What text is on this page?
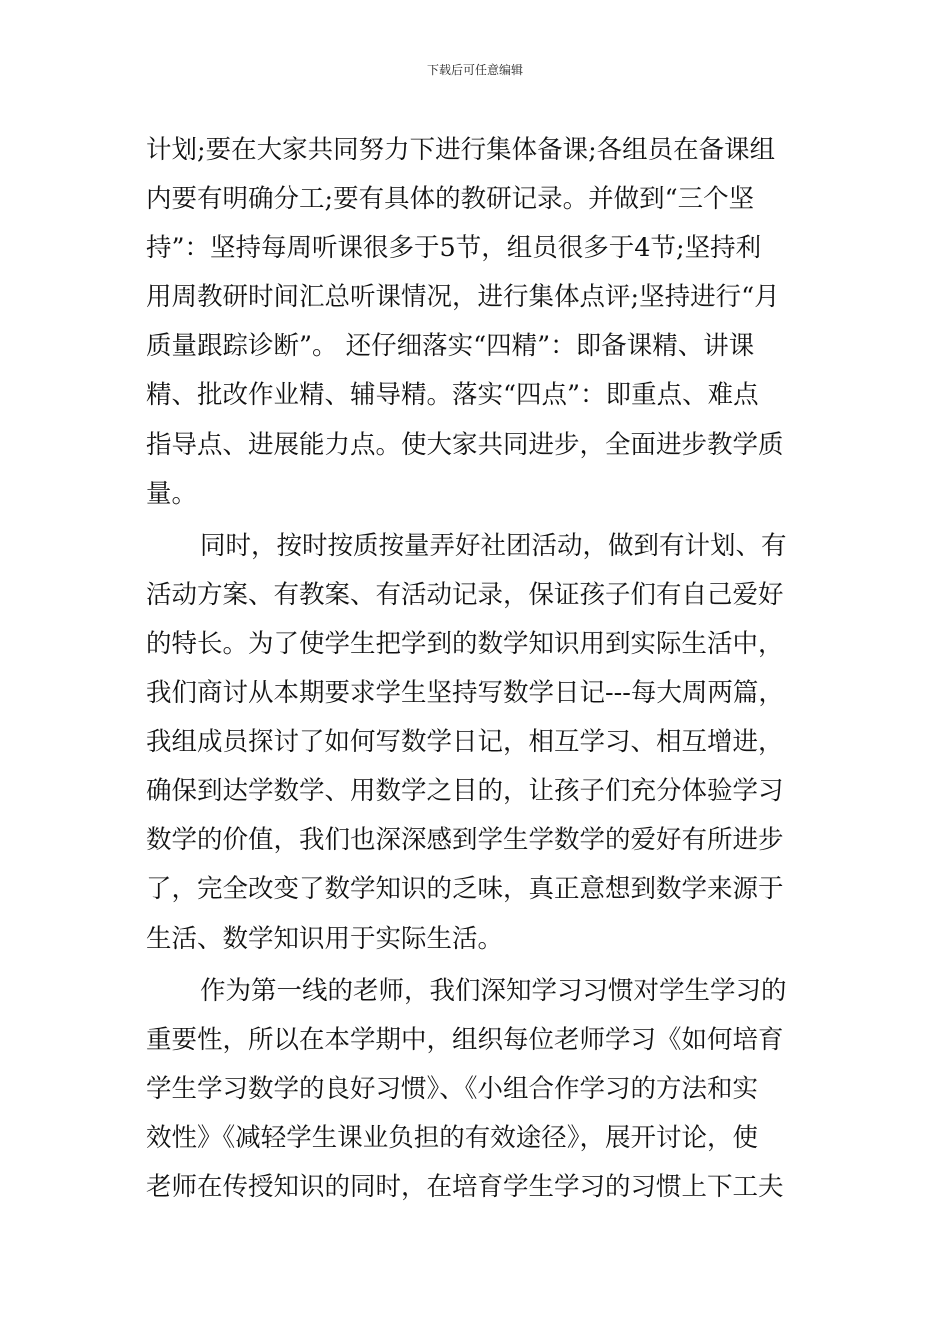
下载后可任意编辑
计划;要在大家共同努力下进行集体备课;各组员在备课组
内要有明确分工;要有具体的教研记录。并做到“三个坚
持”：坚持每周听课很多于5节，组员很多于4节;坚持利
用周教研时间汇总听课情况，进行集体点评;坚持进行“月
质量跟踪诊断”。 还仔细落实“四精”：即备课精、讲课
精、批改作业精、辅导精。落实“四点”：即重点、难点
指导点、进展能力点。使大家共同进步，全面进步教学质
量。
同时，按时按质按量弄好社团活动，做到有计划、有
活动方案、有教案、有活动记录，保证孩子们有自己爱好
的特长。为了使学生把学到的数学知识用到实际生活中，
我们商讨从本期要求学生坚持写数学日记---每大周两篇，
我组成员探讨了如何写数学日记，相互学习、相互增进，
确保到达学数学、用数学之目的，让孩子们充分体验学习
数学的价值，我们也深深感到学生学数学的爱好有所进步
了，完全改变了数学知识的乏味，真正意想到数学来源于
生活、数学知识用于实际生活。
作为第一线的老师，我们深知学习习惯对学生学习的
重要性，所以在本学期中，组织每位老师学习《如何培育
学生学习数学的良好习惯》、《小组合作学习的方法和实
效性》《减轻学生课业负担的有效途径》，展开讨论，使
老师在传授知识的同时，在培育学生学习的习惯上下工夫
